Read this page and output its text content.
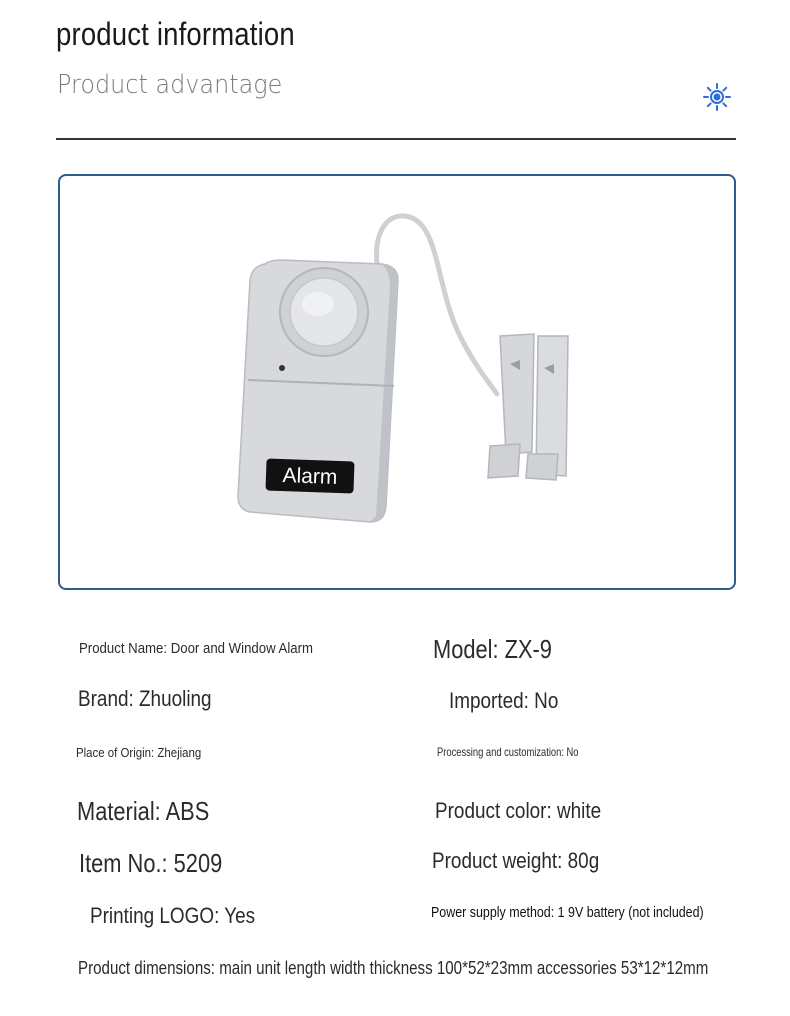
product information
Product advantage
Alarm
Product Name: Door and Window Alarm	Model: ZX-9
Brand: Zhuoling	Imported: No
Place of Origin: Zhejiang	Processing and customization: No
Material: ABS	Product color: white
Item No.: 5209	Product weight: 80g
Printing LOGO: Yes	Power supply method: 1 9V battery (not included)
Product dimensions: main unit length width thickness 100*52*23mm accessories 53*12*12mm
